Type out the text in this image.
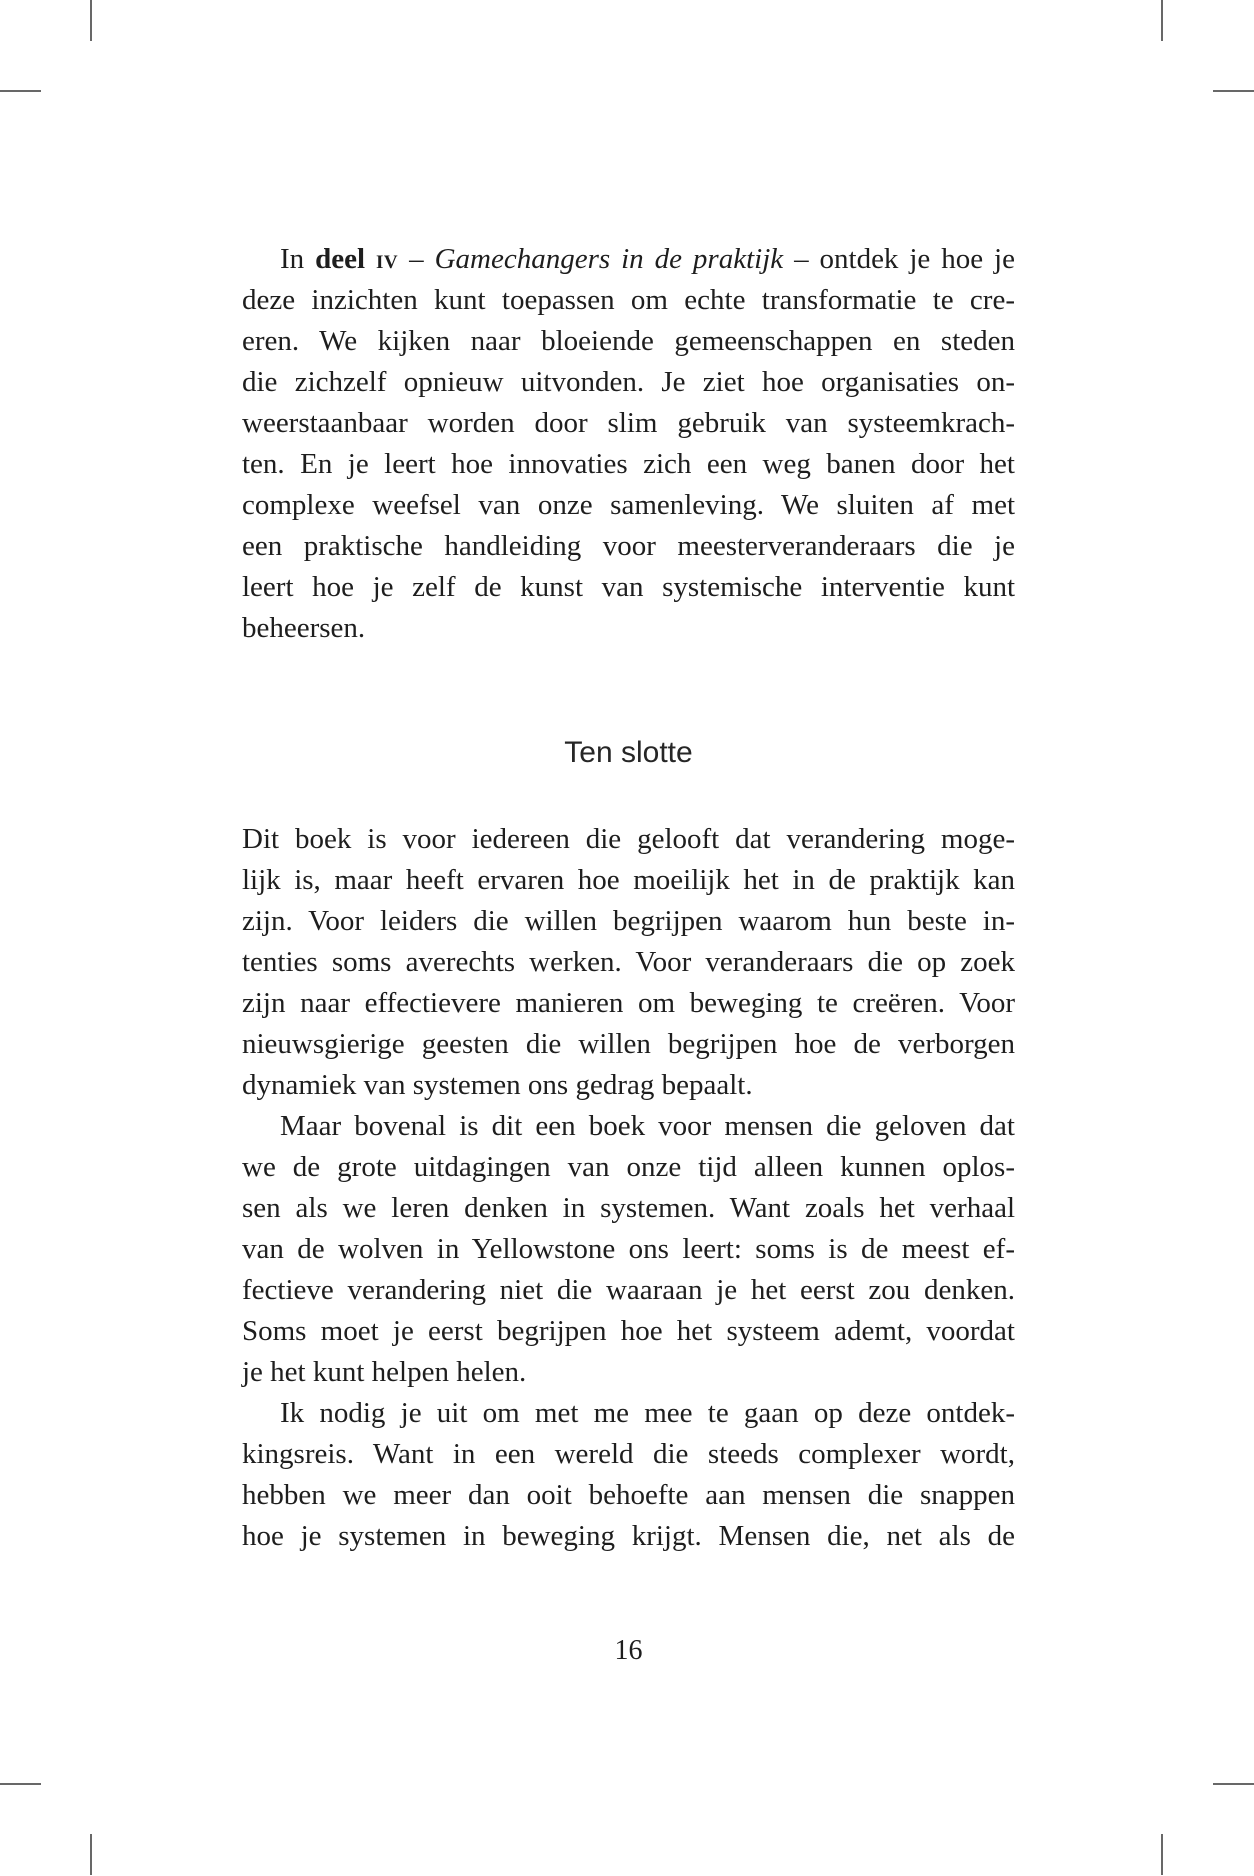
In deel iv – Gamechangers in de praktijk – ontdek je hoe je
deze inzichten kunt toepassen om echte transformatie te cre-
eren. We kijken naar bloeiende gemeenschappen en steden
die zichzelf opnieuw uitvonden. Je ziet hoe organisaties on-
weerstaanbaar worden door slim gebruik van systeemkrach-
ten. En je leert hoe innovaties zich een weg banen door het
complexe weefsel van onze samenleving. We sluiten af met
een praktische handleiding voor meesterveranderaars die je
leert hoe je zelf de kunst van systemische interventie kunt
beheersen.
Ten slotte
Dit boek is voor iedereen die gelooft dat verandering moge-
lijk is, maar heeft ervaren hoe moeilijk het in de praktijk kan
zijn. Voor leiders die willen begrijpen waarom hun beste in-
tenties soms averechts werken. Voor veranderaars die op zoek
zijn naar effectievere manieren om beweging te creëren. Voor
nieuwsgierige geesten die willen begrijpen hoe de verborgen
dynamiek van systemen ons gedrag bepaalt.
Maar bovenal is dit een boek voor mensen die geloven dat
we de grote uitdagingen van onze tijd alleen kunnen oplos-
sen als we leren denken in systemen. Want zoals het verhaal
van de wolven in Yellowstone ons leert: soms is de meest ef-
fectieve verandering niet die waaraan je het eerst zou denken.
Soms moet je eerst begrijpen hoe het systeem ademt, voordat
je het kunt helpen helen.
Ik nodig je uit om met me mee te gaan op deze ontdek-
kingsreis. Want in een wereld die steeds complexer wordt,
hebben we meer dan ooit behoefte aan mensen die snappen
hoe je systemen in beweging krijgt. Mensen die, net als de
16
